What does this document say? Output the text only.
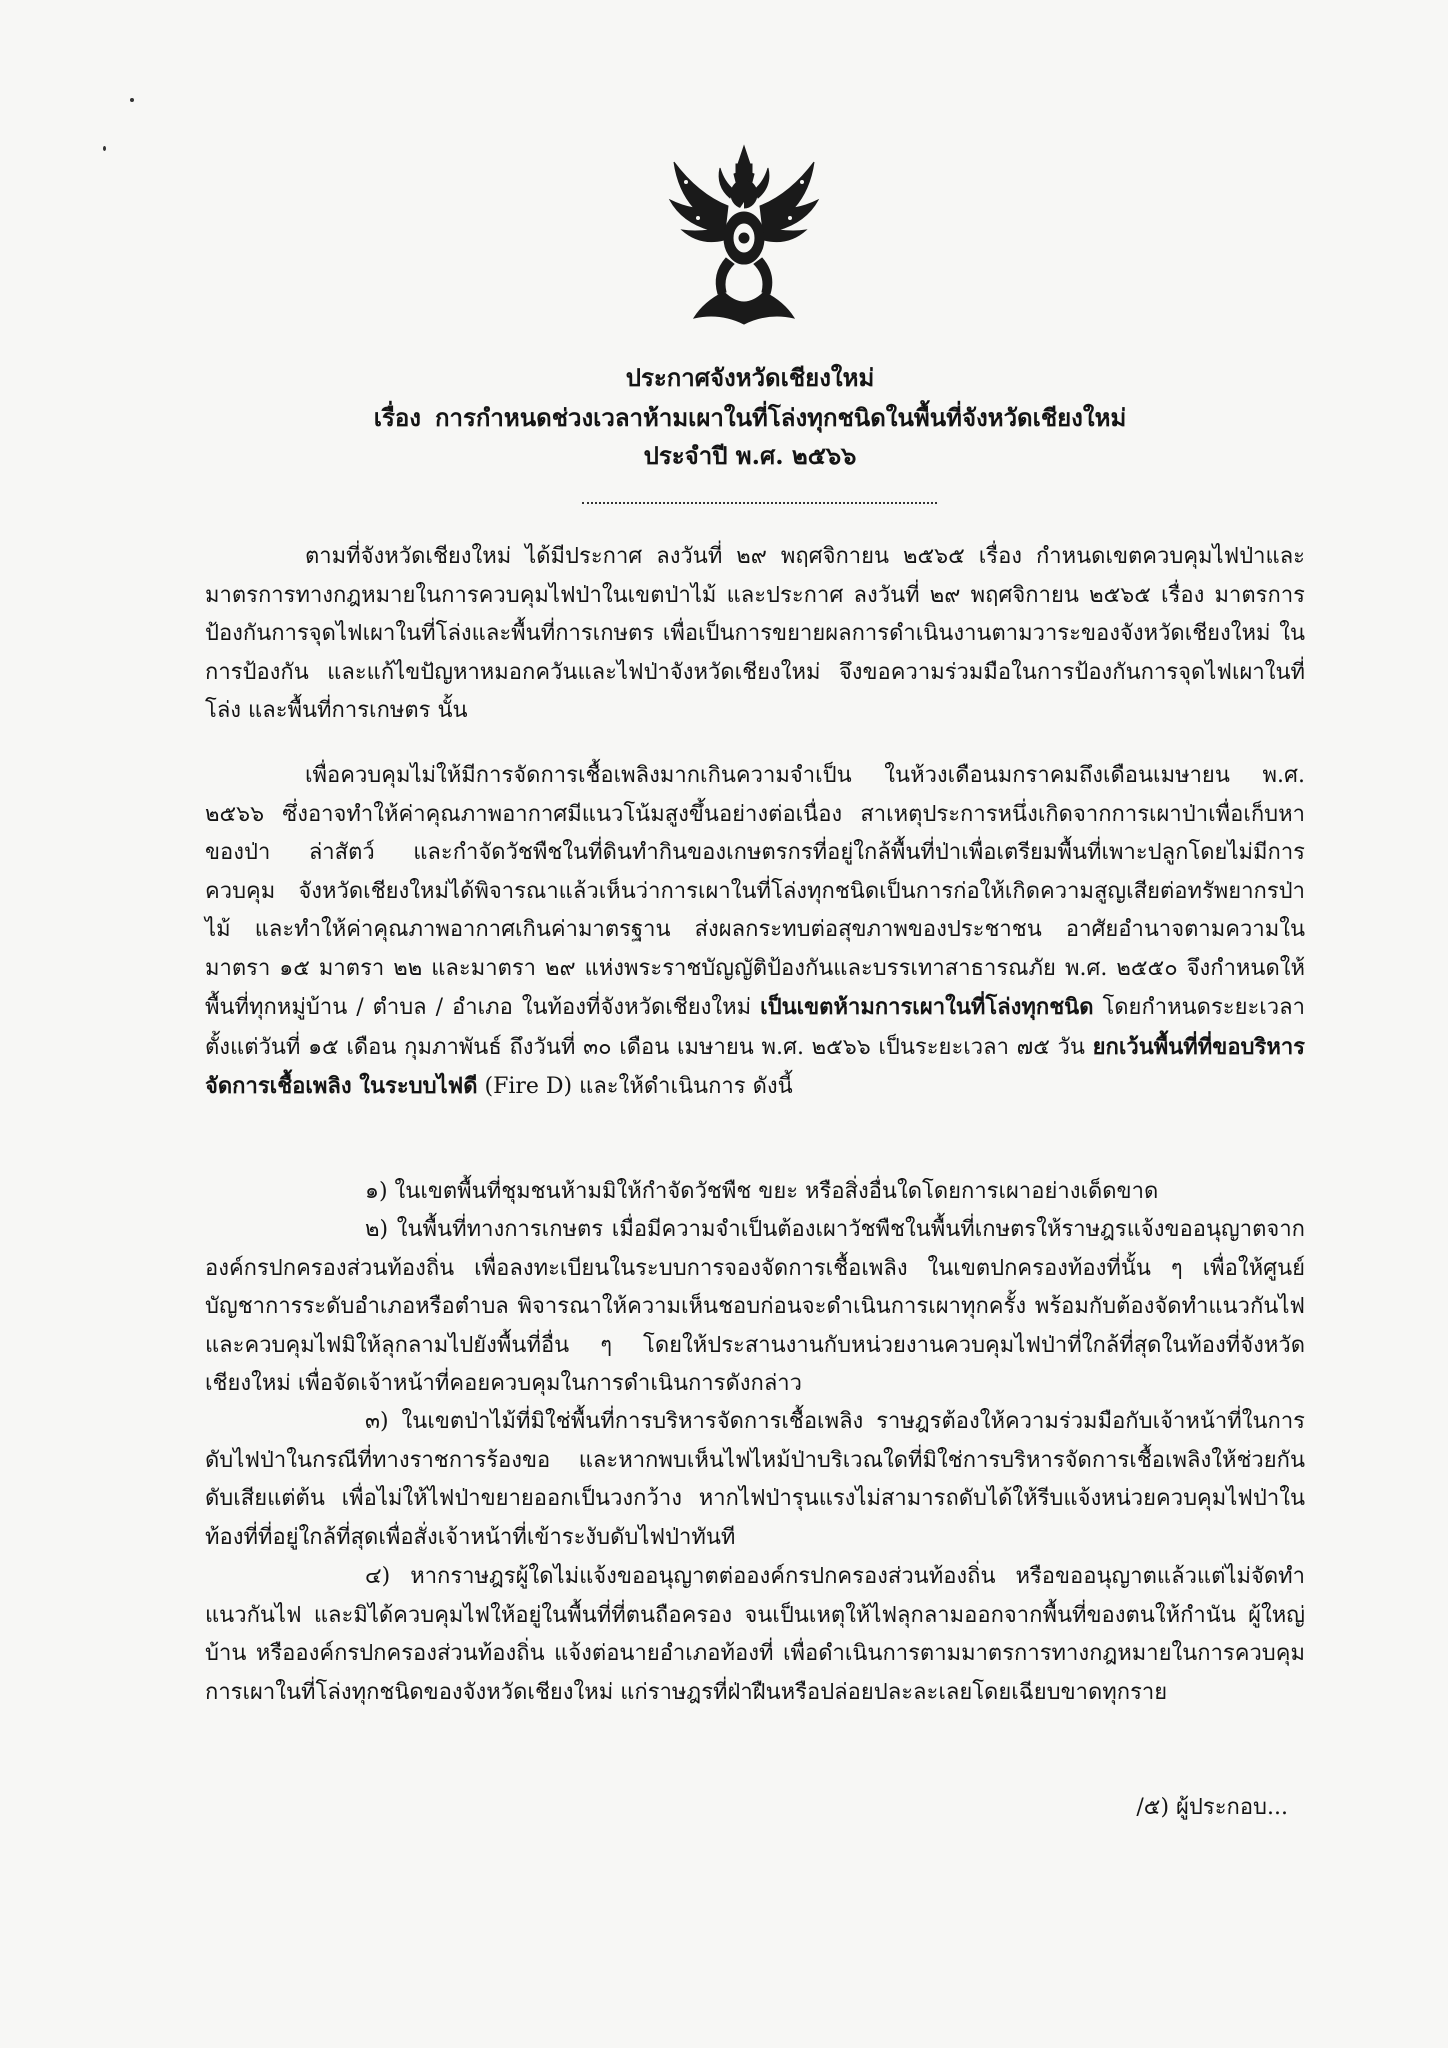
ประกาศจังหวัดเชียงใหม่
เรื่อง การกำหนดช่วงเวลาห้ามเผาในที่โล่งทุกชนิดในพื้นที่จังหวัดเชียงใหม่
ประจำปี พ.ศ. ๒๕๖๖
ตามที่จังหวัดเชียงใหม่ ได้มีประกาศ ลงวันที่ ๒๙ พฤศจิกายน ๒๕๖๕ เรื่อง กำหนดเขตควบคุมไฟป่าและมาตรการทางกฎหมายในการควบคุมไฟป่าในเขตป่าไม้ และประกาศ ลงวันที่ ๒๙ พฤศจิกายน ๒๕๖๕ เรื่อง มาตรการป้องกันการจุดไฟเผาในที่โล่งและพื้นที่การเกษตร เพื่อเป็นการขยายผลการดำเนินงานตามวาระของจังหวัดเชียงใหม่ ในการป้องกัน และแก้ไขปัญหาหมอกควันและไฟป่าจังหวัดเชียงใหม่ จึงขอความร่วมมือในการป้องกันการจุดไฟเผาในที่โล่ง และพื้นที่การเกษตร นั้น
เพื่อควบคุมไม่ให้มีการจัดการเชื้อเพลิงมากเกินความจำเป็น ในห้วงเดือนมกราคมถึงเดือนเมษายน พ.ศ. ๒๕๖๖ ซึ่งอาจทำให้ค่าคุณภาพอากาศมีแนวโน้มสูงขึ้นอย่างต่อเนื่อง สาเหตุประการหนึ่งเกิดจากการเผาป่าเพื่อเก็บหาของป่า ล่าสัตว์ และกำจัดวัชพืชในที่ดินทำกินของเกษตรกรที่อยู่ใกล้พื้นที่ป่าเพื่อเตรียมพื้นที่เพาะปลูกโดยไม่มีการควบคุม จังหวัดเชียงใหม่ได้พิจารณาแล้วเห็นว่าการเผาในที่โล่งทุกชนิดเป็นการก่อให้เกิดความสูญเสียต่อทรัพยากรป่าไม้ และทำให้ค่าคุณภาพอากาศเกินค่ามาตรฐาน ส่งผลกระทบต่อสุขภาพของประชาชน อาศัยอำนาจตามความในมาตรา ๑๕ มาตรา ๒๒ และมาตรา ๒๙ แห่งพระราชบัญญัติป้องกันและบรรเทาสาธารณภัย พ.ศ. ๒๕๕๐ จึงกำหนดให้พื้นที่ทุกหมู่บ้าน / ตำบล / อำเภอ ในท้องที่จังหวัดเชียงใหม่ เป็นเขตห้ามการเผาในที่โล่งทุกชนิด โดยกำหนดระยะเวลาตั้งแต่วันที่ ๑๕ เดือน กุมภาพันธ์ ถึงวันที่ ๓๐ เดือน เมษายน พ.ศ. ๒๕๖๖ เป็นระยะเวลา ๗๕ วัน ยกเว้นพื้นที่ที่ขอบริหารจัดการเชื้อเพลิง ในระบบไฟดี (Fire D) และให้ดำเนินการ ดังนี้
๑) ในเขตพื้นที่ชุมชนห้ามมิให้กำจัดวัชพืช ขยะ หรือสิ่งอื่นใดโดยการเผาอย่างเด็ดขาด
๒) ในพื้นที่ทางการเกษตร เมื่อมีความจำเป็นต้องเผาวัชพืชในพื้นที่เกษตรให้ราษฎรแจ้งขออนุญาตจากองค์กรปกครองส่วนท้องถิ่น เพื่อลงทะเบียนในระบบการจองจัดการเชื้อเพลิง ในเขตปกครองท้องที่นั้น ๆ เพื่อให้ศูนย์บัญชาการระดับอำเภอหรือตำบล พิจารณาให้ความเห็นชอบก่อนจะดำเนินการเผาทุกครั้ง พร้อมกับต้องจัดทำแนวกันไฟและควบคุมไฟมิให้ลุกลามไปยังพื้นที่อื่น ๆ โดยให้ประสานงานกับหน่วยงานควบคุมไฟป่าที่ใกล้ที่สุดในท้องที่จังหวัดเชียงใหม่ เพื่อจัดเจ้าหน้าที่คอยควบคุมในการดำเนินการดังกล่าว
๓) ในเขตป่าไม้ที่มิใช่พื้นที่การบริหารจัดการเชื้อเพลิง ราษฎรต้องให้ความร่วมมือกับเจ้าหน้าที่ในการดับไฟป่าในกรณีที่ทางราชการร้องขอ และหากพบเห็นไฟไหม้ป่าบริเวณใดที่มิใช่การบริหารจัดการเชื้อเพลิงให้ช่วยกันดับเสียแต่ต้น เพื่อไม่ให้ไฟป่าขยายออกเป็นวงกว้าง หากไฟป่ารุนแรงไม่สามารถดับได้ให้รีบแจ้งหน่วยควบคุมไฟป่าในท้องที่ที่อยู่ใกล้ที่สุดเพื่อสั่งเจ้าหน้าที่เข้าระงับดับไฟป่าทันที
๔) หากราษฎรผู้ใดไม่แจ้งขออนุญาตต่อองค์กรปกครองส่วนท้องถิ่น หรือขออนุญาตแล้วแต่ไม่จัดทำแนวกันไฟ และมิได้ควบคุมไฟให้อยู่ในพื้นที่ที่ตนถือครอง จนเป็นเหตุให้ไฟลุกลามออกจากพื้นที่ของตนให้กำนัน ผู้ใหญ่บ้าน หรือองค์กรปกครองส่วนท้องถิ่น แจ้งต่อนายอำเภอท้องที่ เพื่อดำเนินการตามมาตรการทางกฎหมายในการควบคุมการเผาในที่โล่งทุกชนิดของจังหวัดเชียงใหม่ แก่ราษฎรที่ฝ่าฝืนหรือปล่อยปละละเลยโดยเฉียบขาดทุกราย
/๕) ผู้ประกอบ...
